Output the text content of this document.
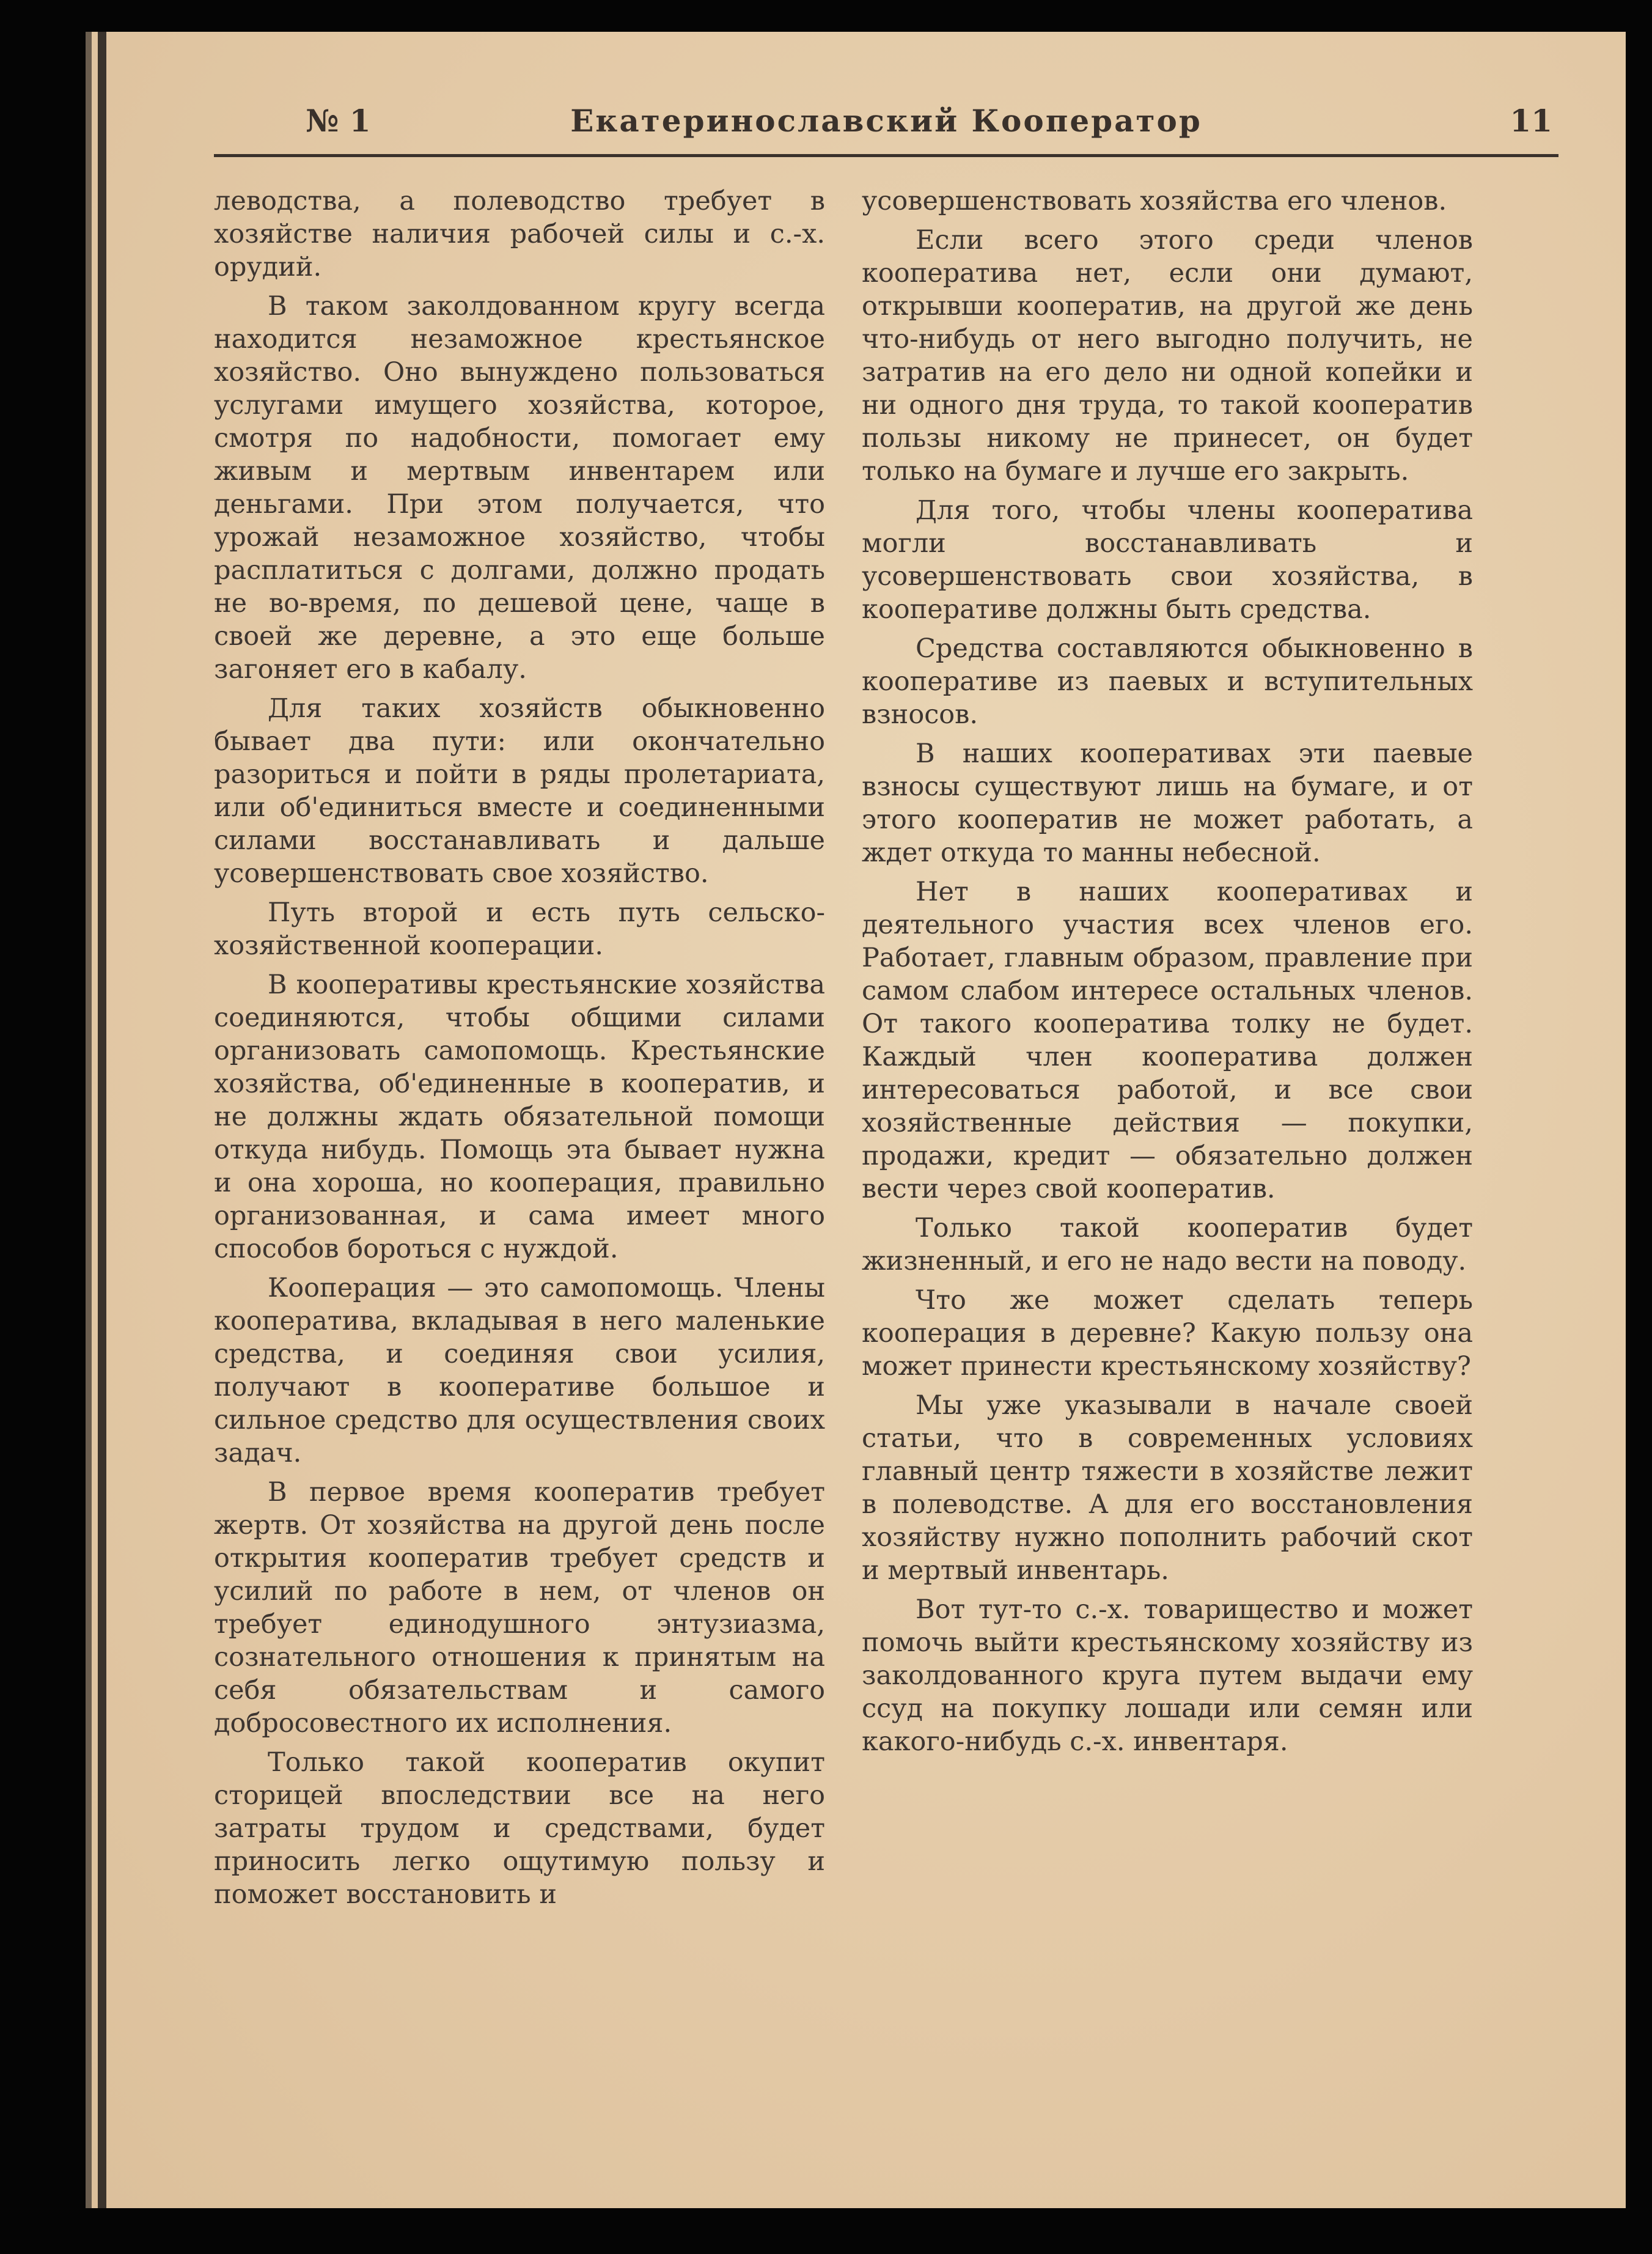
№ 1	Екатеринославский Кооператор	11

леводства, а полеводство требует в хозяйстве наличия рабочей силы и с.-х. орудий.

В таком заколдованном кругу всегда находится незаможное крестьянское хозяйство. Оно вынуждено пользоваться услугами имущего хозяйства, которое, смотря по надобности, помогает ему живым и мертвым инвентарем или деньгами. При этом получается, что урожай незаможное хозяйство, чтобы расплатиться с долгами, должно продать не во-время, по дешевой цене, чаще в своей же деревне, а это еще больше загоняет его в кабалу.

Для таких хозяйств обыкновенно бывает два пути: или окончательно разориться и пойти в ряды пролетариата, или об'единиться вместе и соединенными силами восстанавливать и дальше усовершенствовать свое хозяйство.

Путь второй и есть путь сельско-хозяйственной кооперации.

В кооперативы крестьянские хозяйства соединяются, чтобы общими силами организовать самопомощь. Крестьянские хозяйства, об'единенные в кооператив, и не должны ждать обязательной помощи откуда нибудь. Помощь эта бывает нужна и она хороша, но кооперация, правильно организованная, и сама имеет много способов бороться с нуждой.

Кооперация — это самопомощь. Члены кооператива, вкладывая в него маленькие средства, и соединяя свои усилия, получают в кооперативе большое и сильное средство для осуществления своих задач.

В первое время кооператив требует жертв. От хозяйства на другой день после открытия кооператив требует средств и усилий по работе в нем, от членов он требует единодушного энтузиазма, сознательного отношения к принятым на себя обязательствам и самого добросовестного их исполнения.

Только такой кооператив окупит сторицей впоследствии все на него затраты трудом и средствами, будет приносить легко ощутимую пользу и поможет восстановить и

усовершенствовать хозяйства его членов.

Если всего этого среди членов кооператива нет, если они думают, открывши кооператив, на другой же день что-нибудь от него выгодно получить, не затратив на его дело ни одной копейки и ни одного дня труда, то такой кооператив пользы никому не принесет, он будет только на бумаге и лучше его закрыть.

Для того, чтобы члены кооператива могли восстанавливать и усовершенствовать свои хозяйства, в кооперативе должны быть средства.

Средства составляются обыкновенно в кооперативе из паевых и вступительных взносов.

В наших кооперативах эти паевые взносы существуют лишь на бумаге, и от этого кооператив не может работать, а ждет откуда то манны небесной.

Нет в наших кооперативах и деятельного участия всех членов его. Работает, главным образом, правление при самом слабом интересе остальных членов. От такого кооператива толку не будет. Каждый член кооператива должен интересоваться работой, и все свои хозяйственные действия — покупки, продажи, кредит — обязательно должен вести через свой кооператив.

Только такой кооператив будет жизненный, и его не надо вести на поводу.

Что же может сделать теперь кооперация в деревне? Какую пользу она может принести крестьянскому хозяйству?

Мы уже указывали в начале своей статьи, что в современных условиях главный центр тяжести в хозяйстве лежит в полеводстве. А для его восстановления хозяйству нужно пополнить рабочий скот и мертвый инвентарь.

Вот тут-то с.-х. товарищество и может помочь выйти крестьянскому хозяйству из заколдованного круга путем выдачи ему ссуд на покупку лошади или семян или какого-нибудь с.-х. инвентаря.
